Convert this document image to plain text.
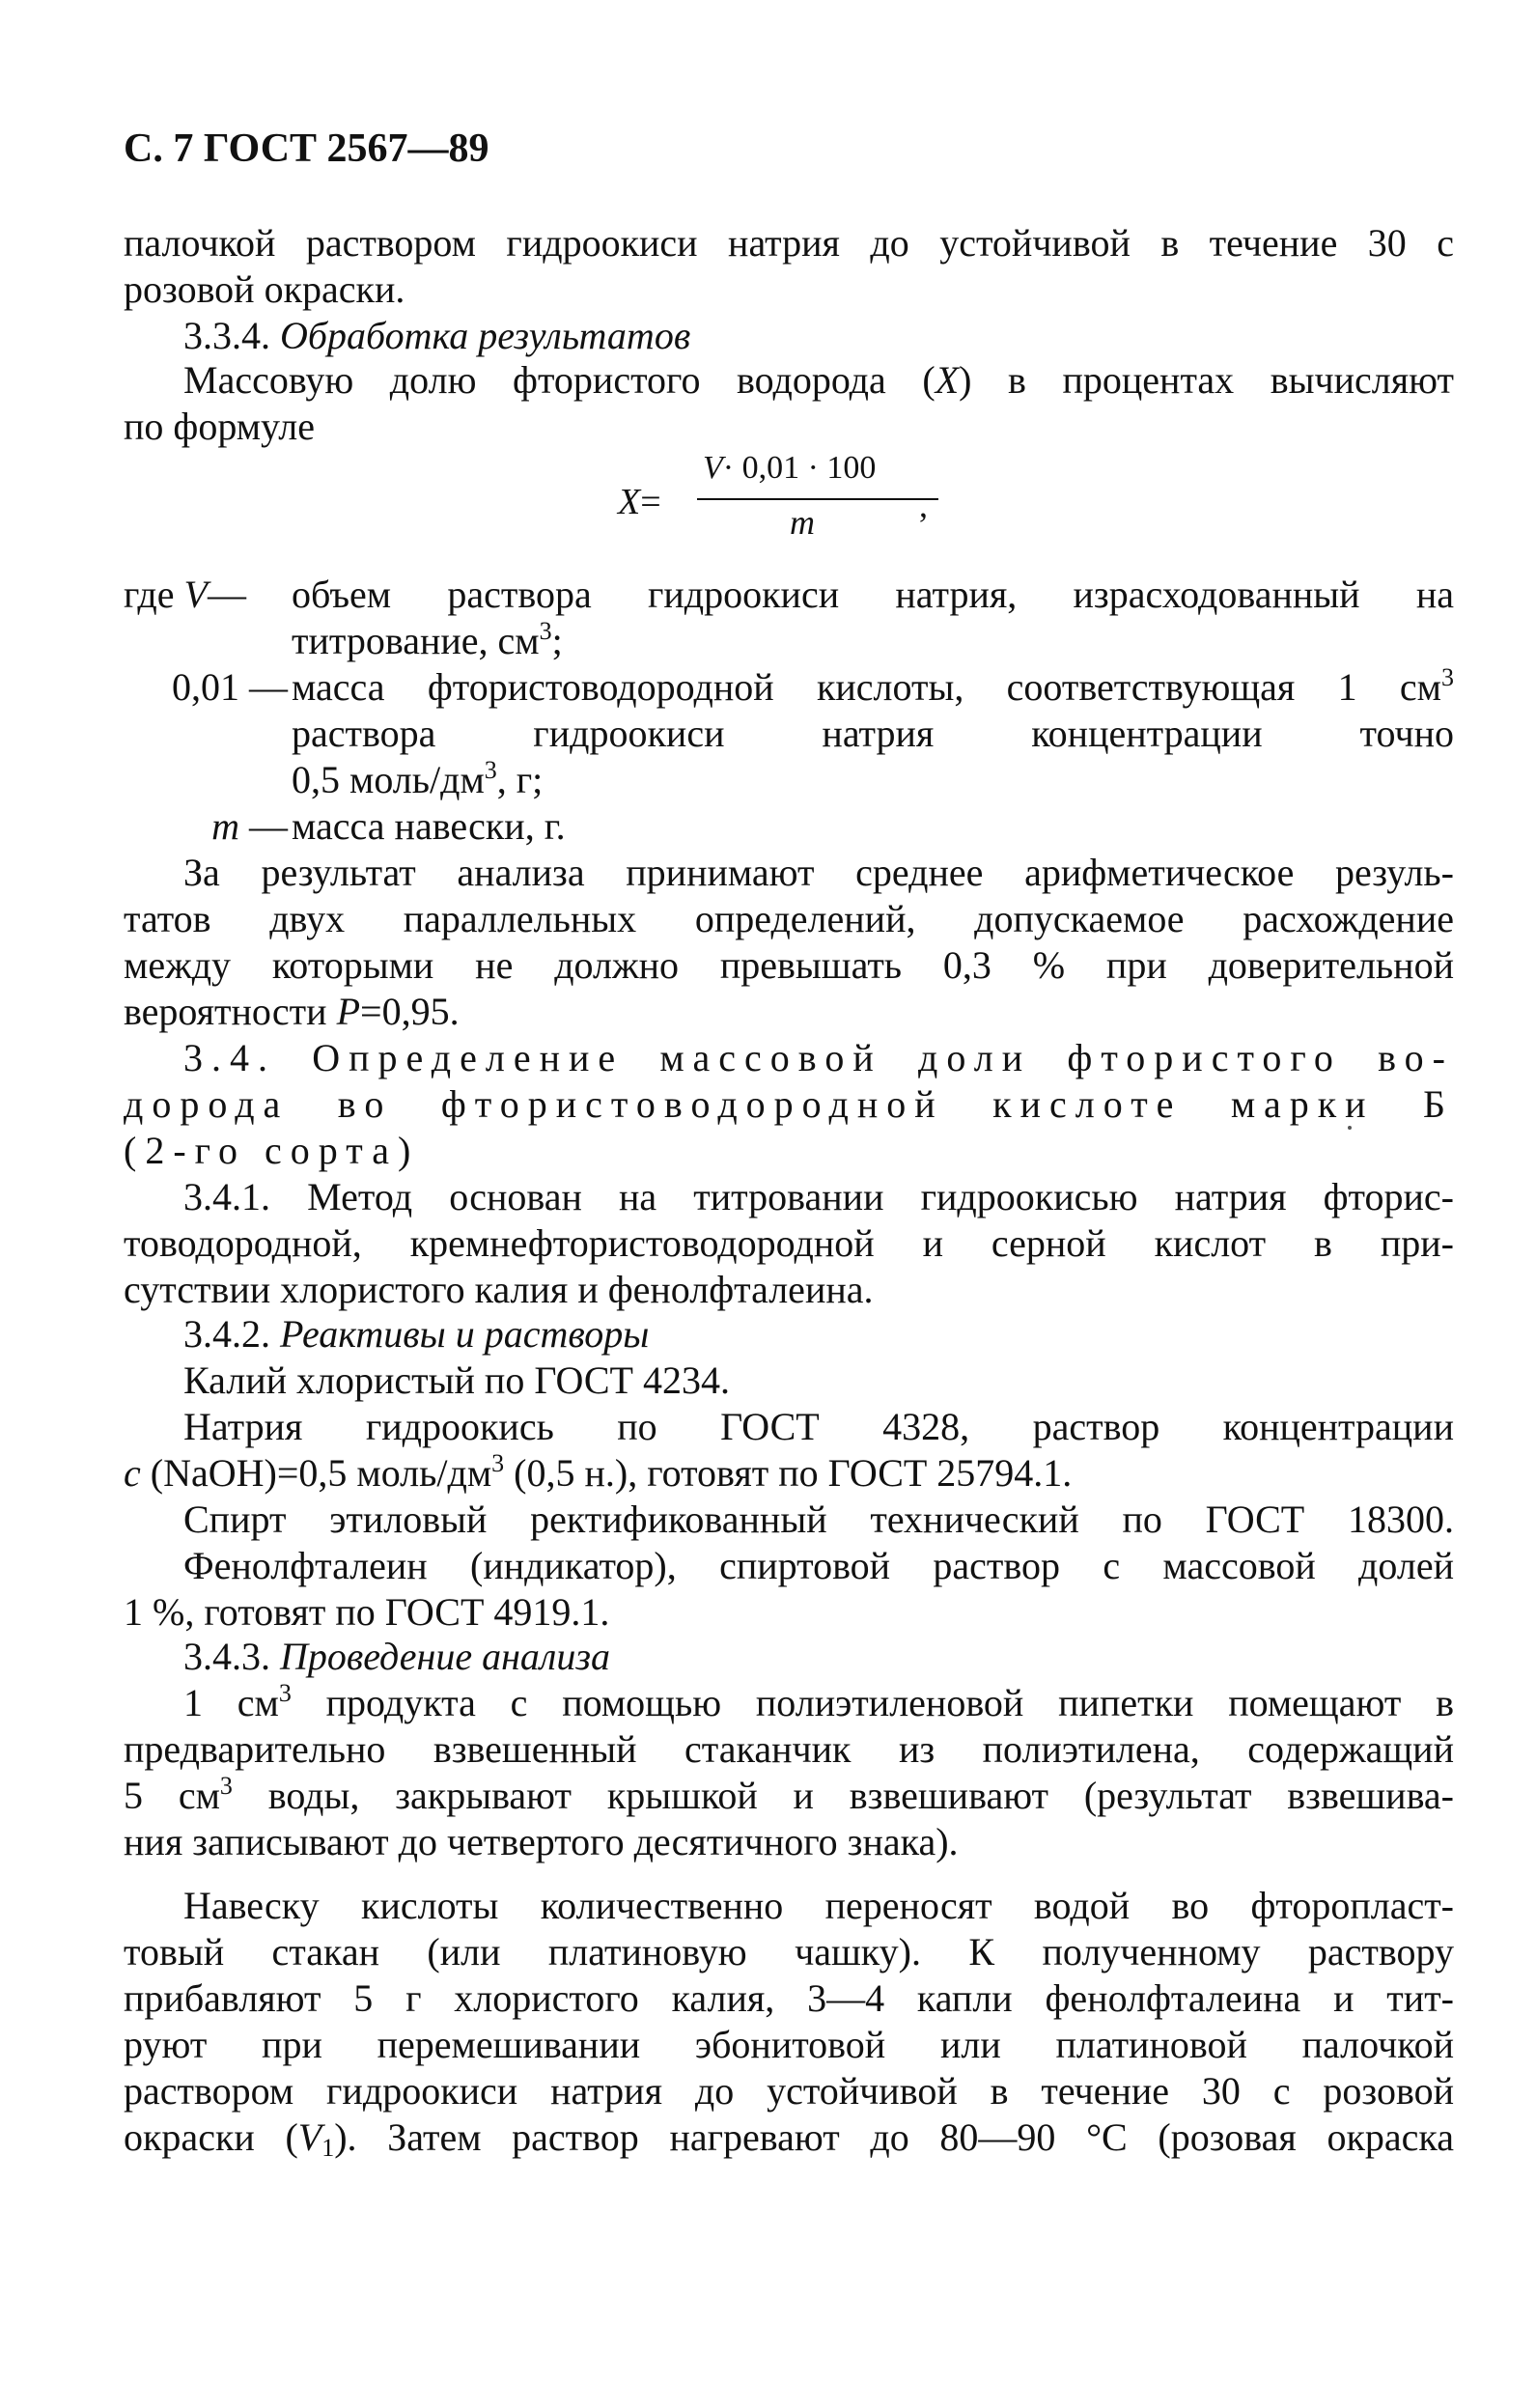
С. 7 ГОСТ 2567—89
палочкой раствором гидроокиси натрия до устойчивой в течение 30 с
розовой окраски.
3.3.4. Обработка результатов
Массовую долю фтористого водорода (X) в процентах вычисляют
по формуле
X=
V· 0,01 · 100
m	,
где V— объем раствора гидроокиси натрия, израсходованный на
титрование, $см^3$;
0,01 — масса фтористоводородной кислоты, соответствующая 1 $см^3$
раствора гидроокиси натрия концентрации точно
0,5 моль/$дм^3$, г;
m — масса навески, г.
За результат анализа принимают среднее арифметическое резуль-
татов двух параллельных определений, допускаемое расхождение
между которыми не должно превышать 0,3 % при доверительной
вероятности P=0,95.
3.4. Определение массовой доли фтористого во-
дорода во фтористоводородной кислоте марки Б
(2-го сорта)
3.4.1. Метод основан на титровании гидроокисью натрия фторис-
товодородной, кремнефтористоводородной и серной кислот в при-
сутствии хлористого калия и фенолфталеина.
3.4.2. Реактивы и растворы
Калий хлористый по ГОСТ 4234.
Натрия гидроокись по ГОСТ 4328, раствор концентрации
c (NaOH)=0,5 моль/$дм^3$ (0,5 н.), готовят по ГОСТ 25794.1.
Спирт этиловый ректификованный технический по ГОСТ 18300.
Фенолфталеин (индикатор), спиртовой раствор с массовой долей
1 %, готовят по ГОСТ 4919.1.
3.4.3. Проведение анализа
1 $см^3$ продукта с помощью полиэтиленовой пипетки помещают в
предварительно взвешенный стаканчик из полиэтилена, содержащий
5 $см^3$ воды, закрывают крышкой и взвешивают (результат взвешива-
ния записывают до четвертого десятичного знака).
Навеску кислоты количественно переносят водой во фторопласт-
товый стакан (или платиновую чашку). К полученному раствору
прибавляют 5 г хлористого калия, 3—4 капли фенолфталеина и тит-
руют при перемешивании эбонитовой или платиновой палочкой
раствором гидроокиси натрия до устойчивой в течение 30 с розовой
окраски $(V_1)$. Затем раствор нагревают до 80—90 °С (розовая окраска
